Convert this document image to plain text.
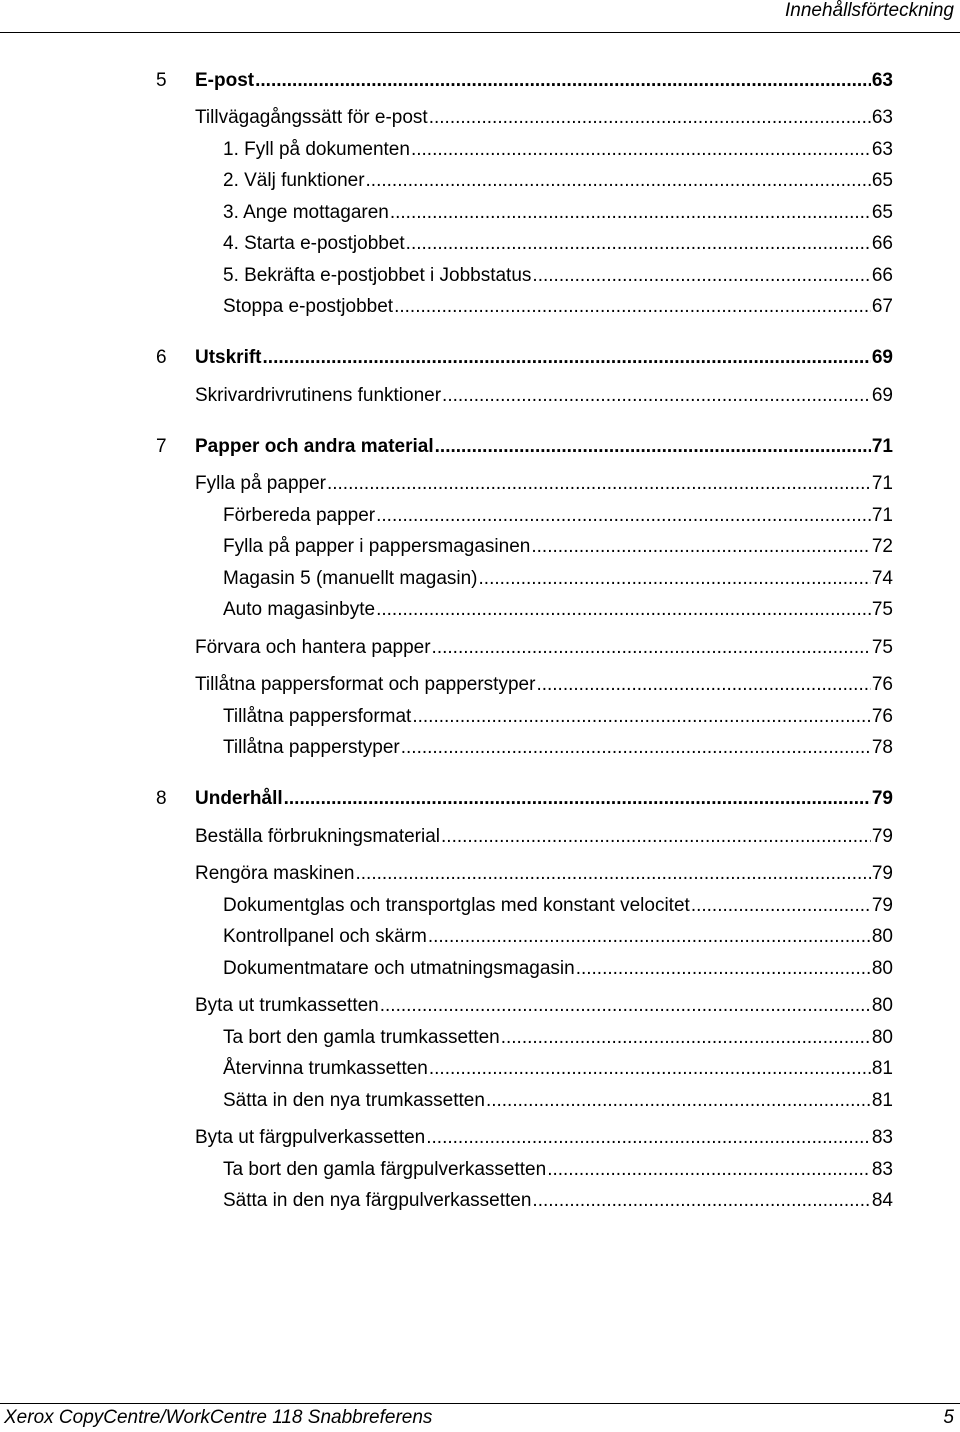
Innehållsförteckning
5	E-post .....	63
Tillvägagångssätt för e-post .....	63
1. Fyll på dokumenten .....	63
2. Välj funktioner .....	65
3. Ange mottagaren .....	65
4. Starta e-postjobbet .....	66
5. Bekräfta e-postjobbet i Jobbstatus .....	66
Stoppa e-postjobbet .....	67
6	Utskrift .....	69
Skrivardrivrutinens funktioner .....	69
7	Papper och andra material .....	71
Fylla på papper .....	71
Förbereda papper .....	71
Fylla på papper i pappersmagasinen .....	72
Magasin 5 (manuellt magasin) .....	74
Auto magasinbyte .....	75
Förvara och hantera papper .....	75
Tillåtna pappersformat och papperstyper .....	76
Tillåtna pappersformat .....	76
Tillåtna papperstyper .....	78
8	Underhåll .....	79
Beställa förbrukningsmaterial .....	79
Rengöra maskinen .....	79
Dokumentglas och transportglas med konstant velocitet .....	79
Kontrollpanel och skärm .....	80
Dokumentmatare och utmatningsmagasin .....	80
Byta ut trumkassetten .....	80
Ta bort den gamla trumkassetten .....	80
Återvinna trumkassetten .....	81
Sätta in den nya trumkassetten .....	81
Byta ut färgpulverkassetten .....	83
Ta bort den gamla färgpulverkassetten .....	83
Sätta in den nya färgpulverkassetten .....	84
Xerox CopyCentre/WorkCentre 118 Snabbreferens	5
